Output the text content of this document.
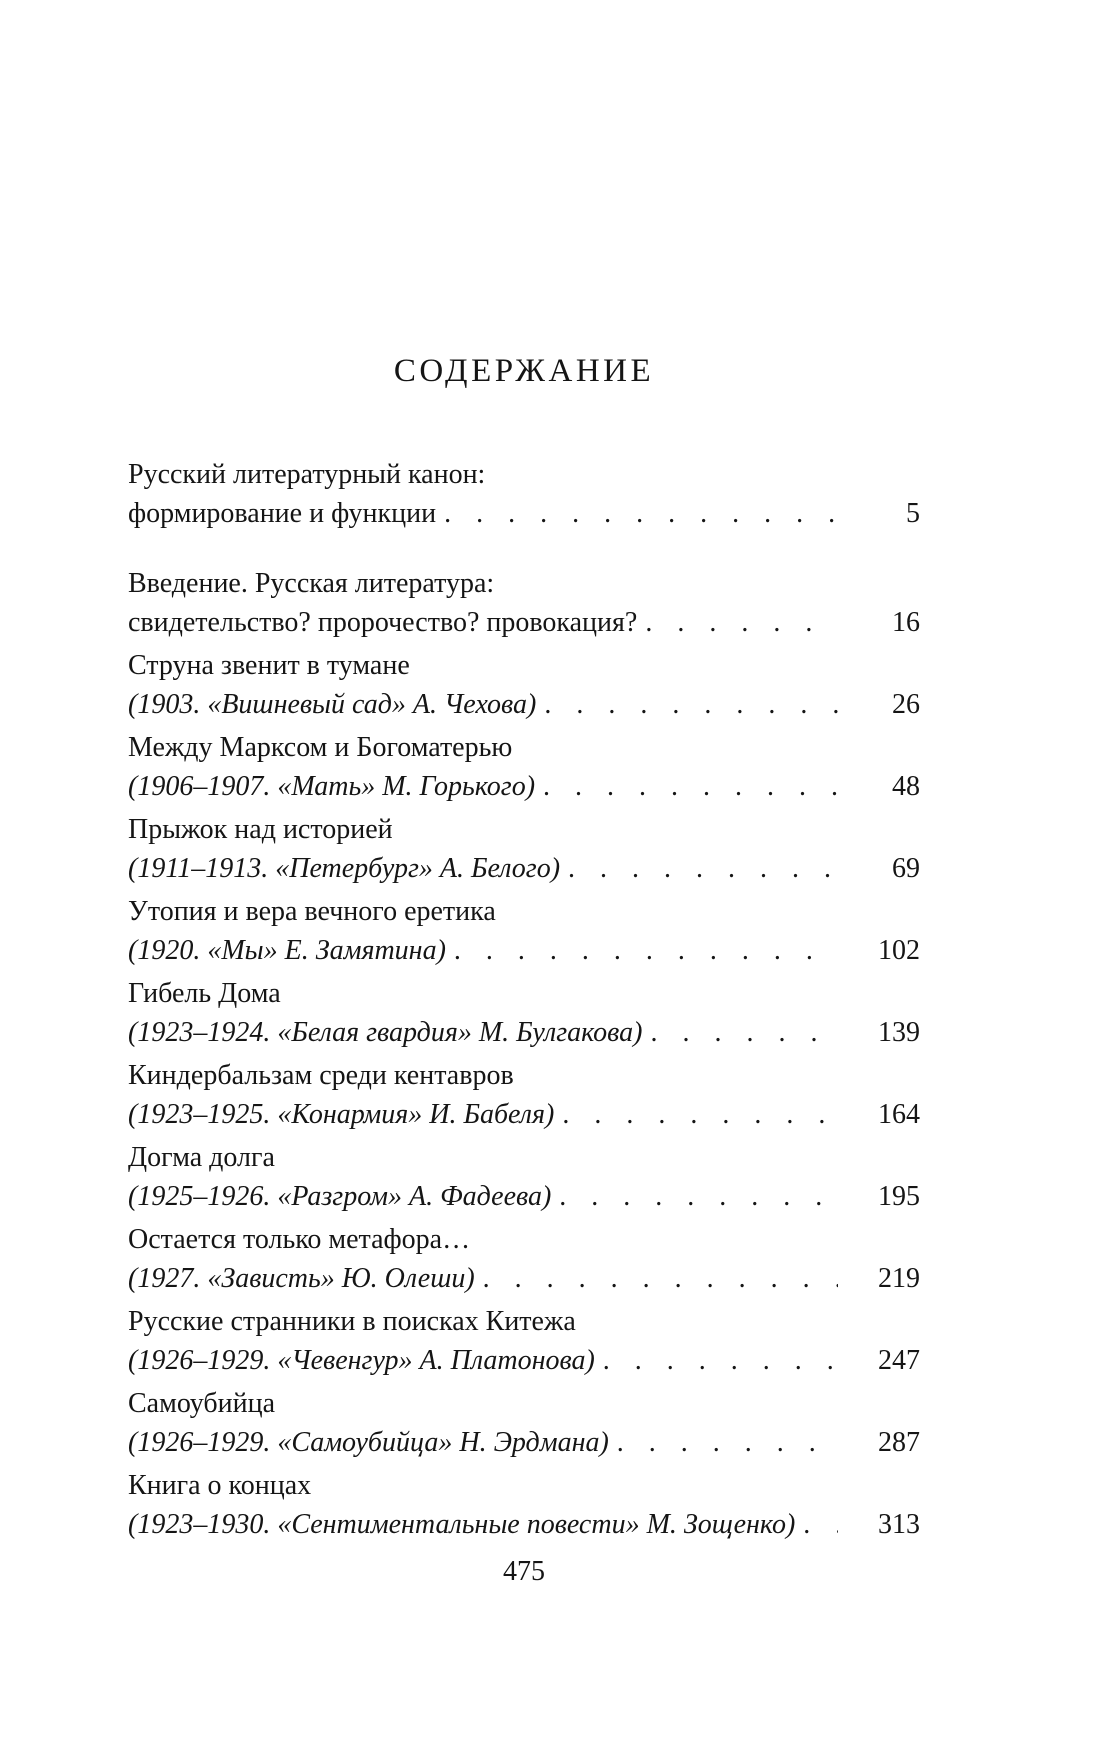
СОДЕРЖАНИЕ
Русский литературный канон:
формирование и функции . . .	5
Введение. Русская литература:
свидетельство? пророчество? провокация? . . .	16
Струна звенит в тумане
(1903. «Вишневый сад» А. Чехова) . . .	26
Между Марксом и Богоматерью
(1906–1907. «Мать» М. Горького) . . .	48
Прыжок над историей
(1911–1913. «Петербург» А. Белого) . . .	69
Утопия и вера вечного еретика
(1920. «Мы» Е. Замятина) . . .	102
Гибель Дома
(1923–1924. «Белая гвардия» М. Булгакова) . . .	139
Киндербальзам среди кентавров
(1923–1925. «Конармия» И. Бабеля) . . .	164
Догма долга
(1925–1926. «Разгром» А. Фадеева) . . .	195
Остается только метафора…
(1927. «Зависть» Ю. Олеши) . . .	219
Русские странники в поисках Китежа
(1926–1929. «Чевенгур» А. Платонова) . . .	247
Самоубийца
(1926–1929. «Самоубийца» Н. Эрдмана) . . .	287
Книга о концах
(1923–1930. «Сентиментальные повести» М. Зощенко) . . .	313
475
